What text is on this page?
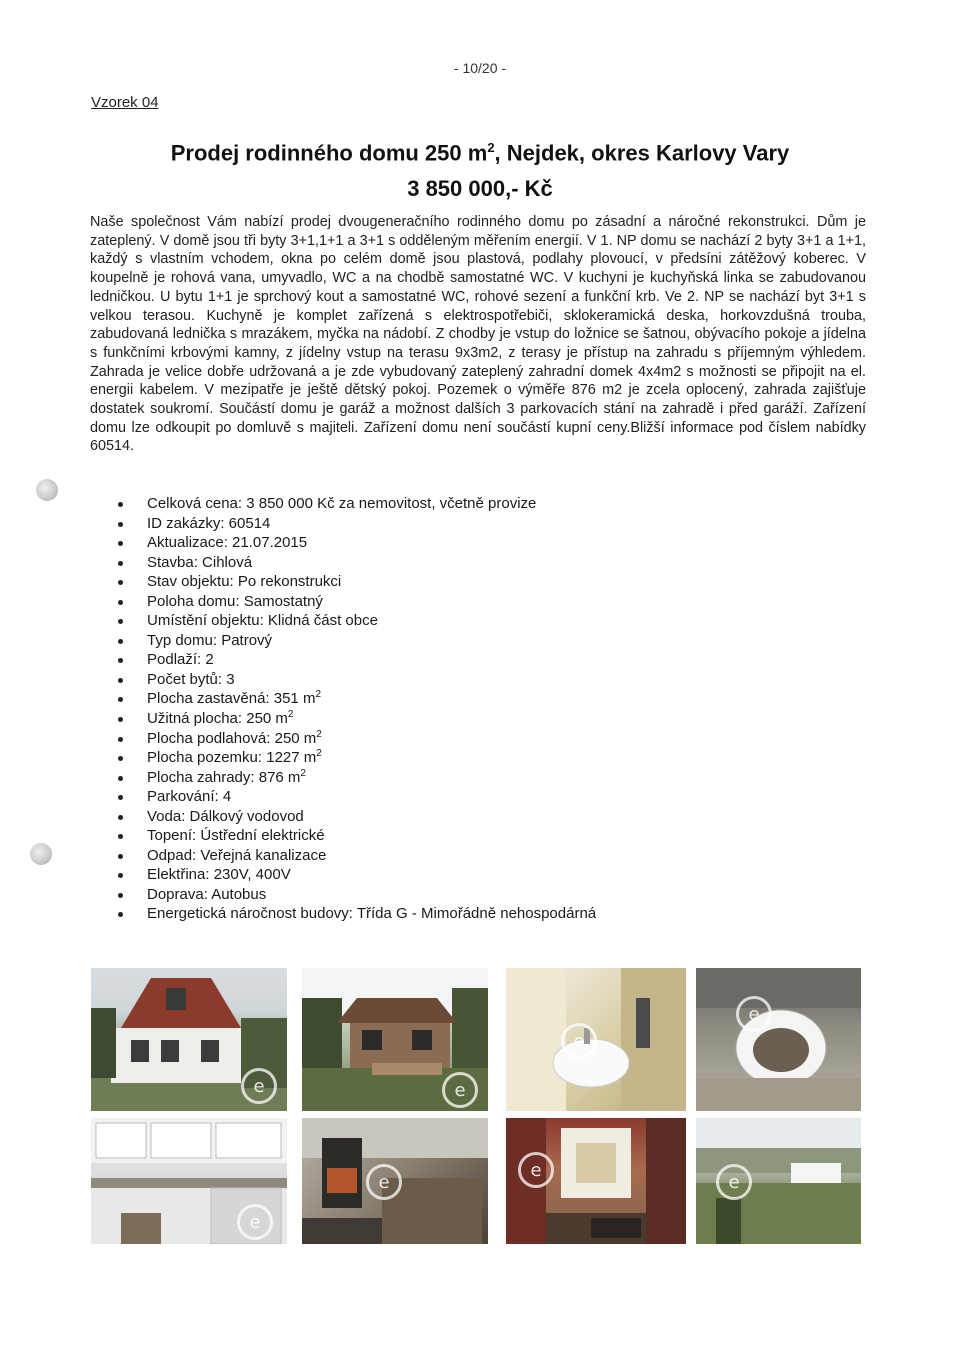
- 10/20 -
Vzorek 04
Prodej rodinného domu 250 $m^2$, Nejdek, okres Karlovy Vary
3 850 000,- Kč
Naše společnost Vám nabízí prodej dvougeneračního rodinného domu po zásadní a náročné rekonstrukci. Dům je zateplený. V domě jsou tři byty 3+1,1+1 a 3+1 s odděleným měřením energií. V 1. NP domu se nachází 2 byty 3+1 a 1+1, každý s vlastním vchodem, okna po celém domě jsou plastová, podlahy plovoucí, v předsíni zátěžový koberec. V koupelně je rohová vana, umyvadlo, WC a na chodbě samostatné WC. V kuchyni je kuchyňská linka se zabudovanou ledničkou. U bytu 1+1 je sprchový kout a samostatné WC, rohové sezení a funkční krb. Ve 2. NP se nachází byt 3+1 s velkou terasou. Kuchyně je komplet zařízená s elektrospotřebiči, sklokeramická deska, horkovzdušná trouba, zabudovaná lednička s mrazákem, myčka na nádobí. Z chodby je vstup do ložnice se šatnou, obývacího pokoje a jídelna s funkčními krbovými kamny, z jídelny vstup na terasu 9x3m2, z terasy je přístup na zahradu s příjemným výhledem. Zahrada je velice dobře udržovaná a je zde vybudovaný zateplený zahradní domek 4x4m2 s možnosti se připojit na el. energii kabelem. V mezipatře je ještě dětský pokoj. Pozemek o výměře 876 m2 je zcela oplocený, zahrada zajišťuje dostatek soukromí. Součástí domu je garáž a možnost dalších 3 parkovacích stání na zahradě i před garáží. Zařízení domu lze odkoupit po domluvě s majiteli. Zařízení domu není součástí kupní ceny.Bližší informace pod číslem nabídky 60514.
Celková cena: 3 850 000 Kč za nemovitost, včetně provize
ID zakázky: 60514
Aktualizace: 21.07.2015
Stavba: Cihlová
Stav objektu: Po rekonstrukci
Poloha domu: Samostatný
Umístění objektu: Klidná část obce
Typ domu: Patrový
Podlaží: 2
Počet bytů: 3
Plocha zastavěná: 351 $m^2$
Užitná plocha: 250 $m^2$
Plocha podlahová: 250 $m^2$
Plocha pozemku: 1227 $m^2$
Plocha zahrady: 876 $m^2$
Parkování: 4
Voda: Dálkový vodovod
Topení: Ústřední elektrické
Odpad: Veřejná kanalizace
Elektřina: 230V, 400V
Doprava: Autobus
Energetická náročnost budovy: Třída G - Mimořádně nehospodárná
e	e
e
e
e
e
e
e
